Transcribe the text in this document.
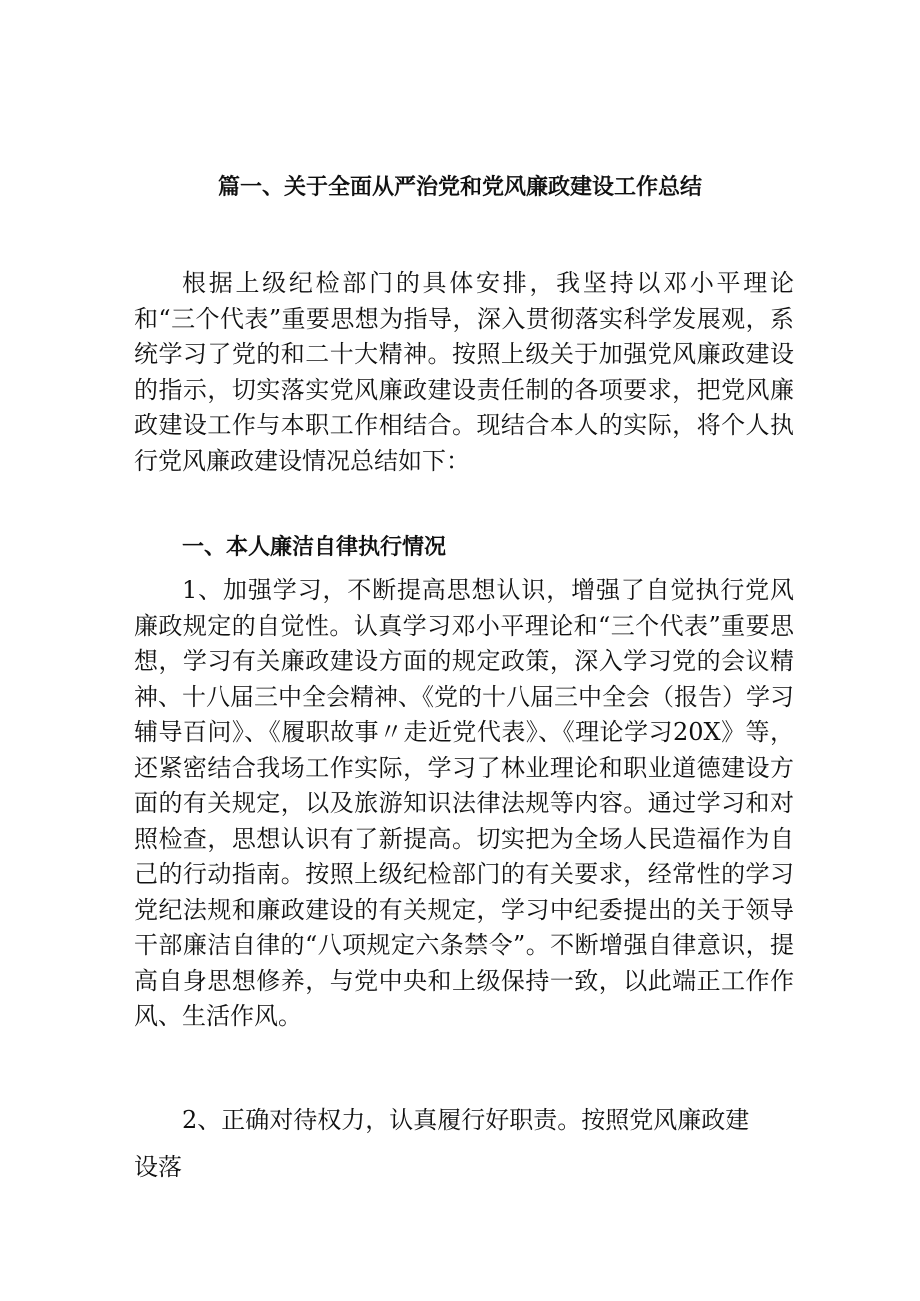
篇一、关于全面从严治党和党风廉政建设工作总结

根据上级纪检部门的具体安排，我坚持以邓小平理论和“三个代表”重要思想为指导，深入贯彻落实科学发展观，系统学习了党的和二十大精神。按照上级关于加强党风廉政建设的指示，切实落实党风廉政建设责任制的各项要求，把党风廉政建设工作与本职工作相结合。现结合本人的实际，将个人执行党风廉政建设情况总结如下：

一、本人廉洁自律执行情况

1、加强学习，不断提高思想认识，增强了自觉执行党风廉政规定的自觉性。认真学习邓小平理论和“三个代表”重要思想，学习有关廉政建设方面的规定政策，深入学习党的会议精神、十八届三中全会精神、《党的十八届三中全会（报告）学习辅导百问》、《履职故事〃走近党代表》、《理论学习20X》等，还紧密结合我场工作实际，学习了林业理论和职业道德建设方面的有关规定，以及旅游知识法律法规等内容。通过学习和对照检查，思想认识有了新提高。切实把为全场人民造福作为自己的行动指南。按照上级纪检部门的有关要求，经常性的学习党纪法规和廉政建设的有关规定，学习中纪委提出的关于领导干部廉洁自律的“八项规定六条禁令”。不断增强自律意识，提高自身思想修养，与党中央和上级保持一致，以此端正工作作风、生活作风。

2、正确对待权力，认真履行好职责。按照党风廉政建

设落
